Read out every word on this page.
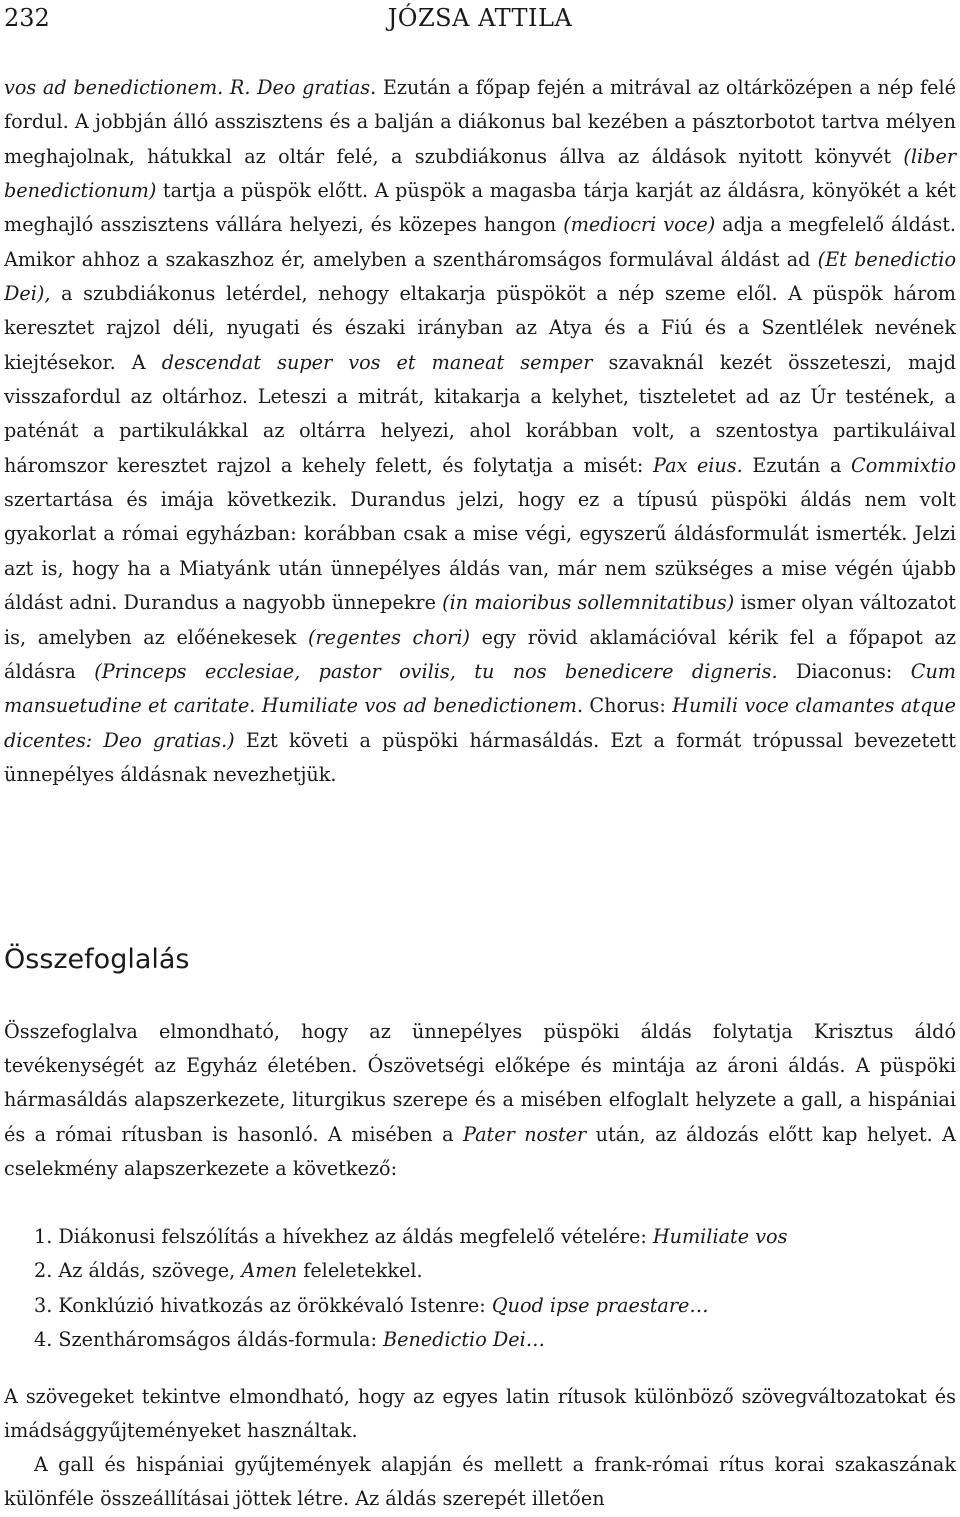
232	JÓZSA ATTILA

vos ad benedictionem. R. Deo gratias. Ezután a főpap fején a mitrával az oltárközépen a nép felé fordul. A jobbján álló asszisztens és a balján a diákonus bal kezében a pásztorbotot tartva mélyen meghajolnak, hátukkal az oltár felé, a szubdiákonus állva az áldások nyitott könyvét (liber benedictionum) tartja a püspök előtt. A püspök a magasba tárja karját az áldásra, könyökét a két meghajló asszisztens vállára helyezi, és közepes hangon (mediocri voce) adja a megfelelő áldást. Amikor ahhoz a szakaszhoz ér, amelyben a szentháromságos formulával áldást ad (Et benedictio Dei), a szubdiákonus letérdel, nehogy eltakarja püspököt a nép szeme elől. A püspök három keresztet rajzol déli, nyugati és északi irányban az Atya és a Fiú és a Szentlélek nevének kiejtésekor. A descendat super vos et maneat semper szavaknál kezét összeteszi, majd visszafordul az oltárhoz. Leteszi a mitrát, kitakarja a kelyhet, tiszteletet ad az Úr testének, a paténát a partikulákkal az oltárra helyezi, ahol korábban volt, a szentostya partikuláival háromszor keresztet rajzol a kehely felett, és folytatja a misét: Pax eius. Ezután a Commixtio szertartása és imája következik. Durandus jelzi, hogy ez a típusú püspöki áldás nem volt gyakorlat a római egyházban: korábban csak a mise végi, egyszerű áldásformulát ismerték. Jelzi azt is, hogy ha a Miatyánk után ünnepélyes áldás van, már nem szükséges a mise végén újabb áldást adni. Durandus a nagyobb ünnepekre (in maioribus sollemnitatibus) ismer olyan változatot is, amelyben az előénekesek (regentes chori) egy rövid aklamációval kérik fel a főpapot az áldásra (Princeps ecclesiae, pastor ovilis, tu nos benedicere digneris. Diaconus: Cum mansuetudine et caritate. Humiliate vos ad benedictionem. Chorus: Humili voce clamantes atque dicentes: Deo gratias.) Ezt követi a püspöki hármasáldás. Ezt a formát trópussal bevezetett ünnepélyes áldásnak nevezhetjük.

Összefoglalás

Összefoglalva elmondható, hogy az ünnepélyes püspöki áldás folytatja Krisztus áldó tevékenységét az Egyház életében. Ószövetségi előképe és mintája az ároni áldás. A püspöki hármasáldás alapszerkezete, liturgikus szerepe és a misében elfoglalt helyzete a gall, a hispániai és a római rítusban is hasonló. A misében a Pater noster után, az áldozás előtt kap helyet. A cselekmény alapszerkezete a következő:

1. Diákonusi felszólítás a hívekhez az áldás megfelelő vételére: Humiliate vos
2. Az áldás, szövege, Amen feleletekkel.
3. Konklúzió hivatkozás az örökkévaló Istenre: Quod ipse praestare…
4. Szentháromságos áldás-formula: Benedictio Dei…

A szövegeket tekintve elmondható, hogy az egyes latin rítusok különböző szövegváltozatokat és imádsággyűjteményeket használtak.

A gall és hispániai gyűjtemények alapján és mellett a frank-római rítus korai szakaszának különféle összeállításai jöttek létre. Az áldás szerepét illetően
